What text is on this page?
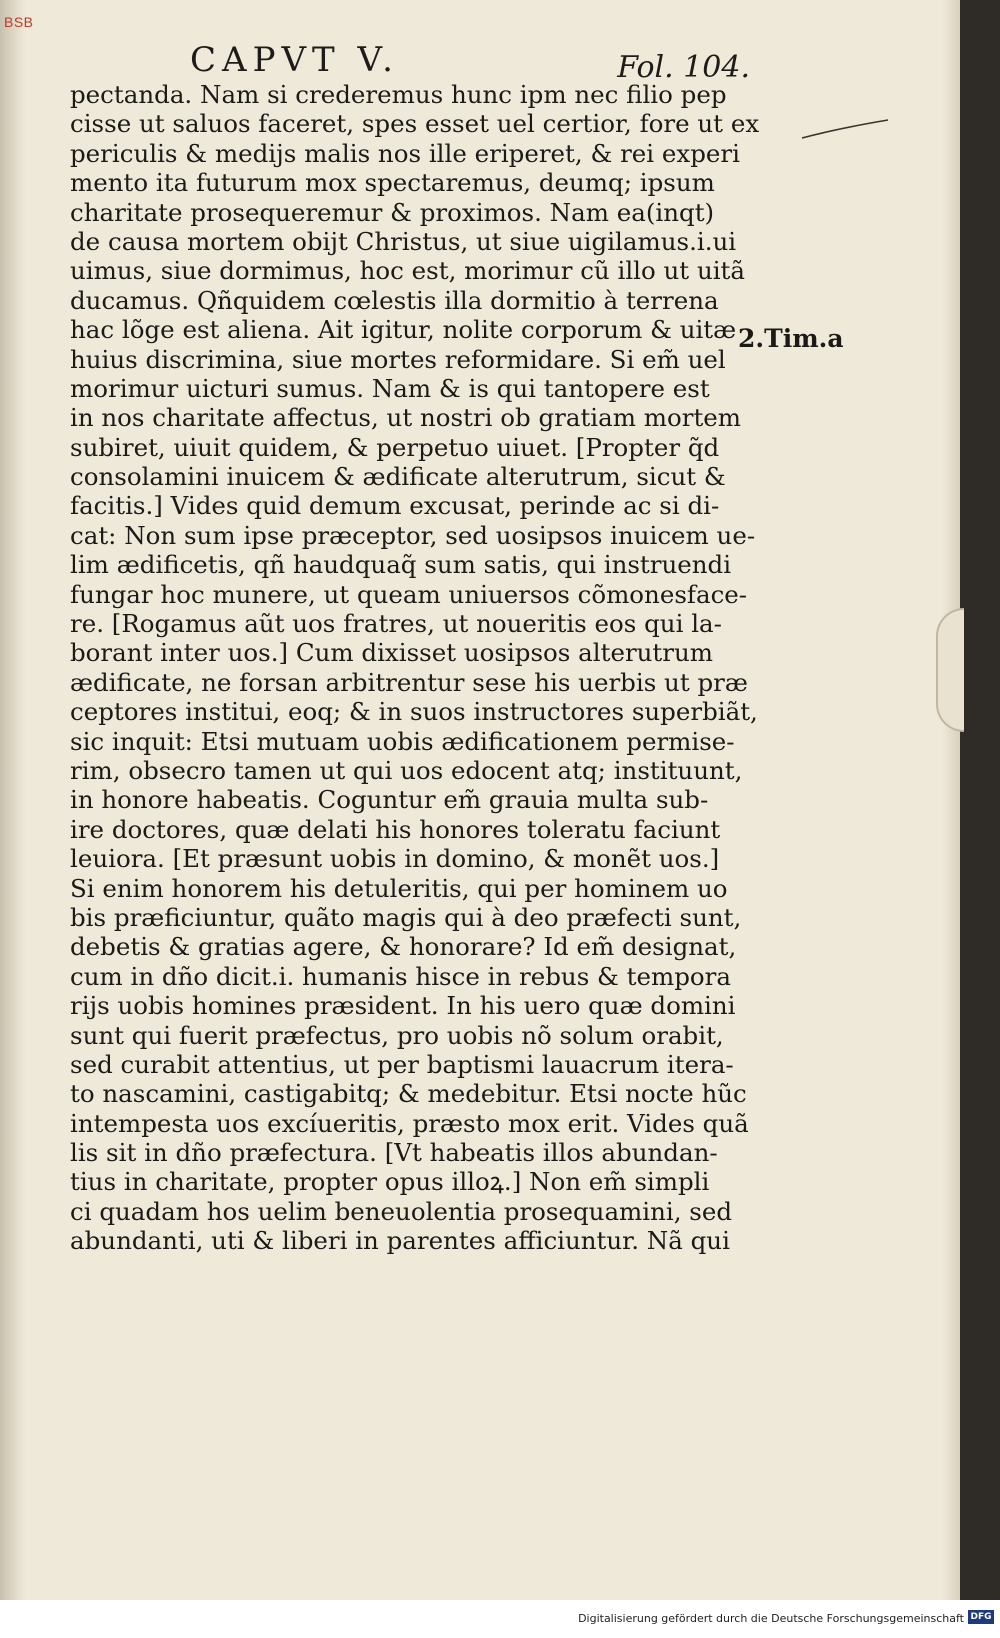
BSB
CAPVT V.	Fol. 104.
pectanda. Nam si crederemus hunc ipm nec filio pep
cisse ut saluos faceret, spes esset uel certior, fore ut ex
periculis & medijs malis nos ille eriperet, & rei experi
mento ita futurum mox spectaremus, deumq; ipsum
charitate prosequeremur & proximos. Nam ea(inqt)
de causa mortem obijt Christus, ut siue uigilamus.i.ui
uimus, siue dormimus, hoc est, morimur cũ illo ut uitã
ducamus. Qñquidem cœlestis illa dormitio à terrena
hac lõge est aliena. Ait igitur, nolite corporum & uitæ
huius discrimina, siue mortes reformidare. Si em̃ uel
morimur uicturi sumus. Nam & is qui tantopere est
in nos charitate affectus, ut nostri ob gratiam mortem
subiret, uiuit quidem, & perpetuo uiuet. [Propter q̃d
consolamini inuicem & ædificate alterutrum, sicut &
facitis.] Vides quid demum excusat, perinde ac si di-
cat: Non sum ipse præceptor, sed uosipsos inuicem ue-
lim ædificetis, qñ haudquaq̃ sum satis, qui instruendi
fungar hoc munere, ut queam uniuersos cõmonesface-
re. [Rogamus aũt uos fratres, ut noueritis eos qui la-
borant inter uos.] Cum dixisset uosipsos alterutrum
ædificate, ne forsan arbitrentur sese his uerbis ut præ
ceptores institui, eoq; & in suos instructores superbiãt,
sic inquit: Etsi mutuam uobis ædificationem permise-
rim, obsecro tamen ut qui uos edocent atq; instituunt,
in honore habeatis. Coguntur em̃ grauia multa sub-
ire doctores, quæ delati his honores toleratu faciunt
leuiora. [Et præsunt uobis in domino, & monẽt uos.]
Si enim honorem his detuleritis, qui per hominem uo
bis præficiuntur, quãto magis qui à deo præfecti sunt,
debetis & gratias agere, & honorare? Id em̃ designat,
cum in dño dicit.i. humanis hisce in rebus & tempora
rijs uobis homines præsident. In his uero quæ domini
sunt qui fuerit præfectus, pro uobis nõ solum orabit,
sed curabit attentius, ut per baptismi lauacrum itera-
to nascamini, castigabitq; & medebitur. Etsi nocte hũc
intempesta uos excíueritis, præsto mox erit. Vides quã
lis sit in dño præfectura. [Vt habeatis illos abundan-
tius in charitate, propter opus illoꝝ.] Non em̃ simpli
ci quadam hos uelim beneuolentia prosequamini, sed
abundanti, uti & liberi in parentes afficiuntur. Nã qui
2.Tim.a
Digitalisierung gefördert durch die Deutsche Forschungsgemeinschaft DFG
